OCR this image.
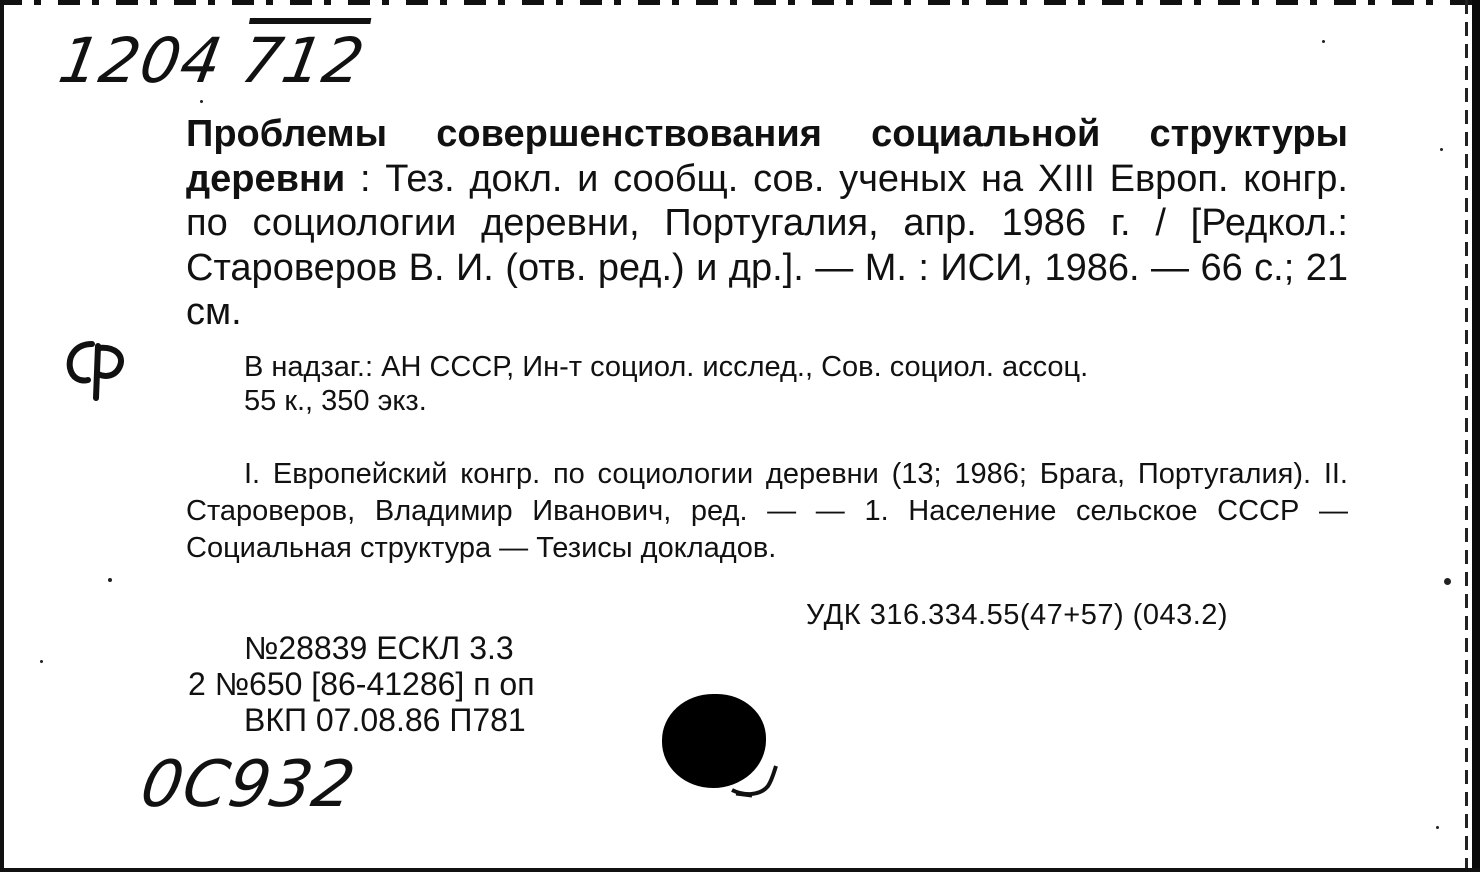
1204 712
Проблемы совершенствования социальной структуры деревни : Тез. докл. и сообщ. сов. ученых на XIII Европ. конгр. по социологии деревни, Португалия, апр. 1986 г. / [Редкол.: Староверов В. И. (отв. ред.) и др.]. — М. : ИСИ, 1986. — 66 с.; 21 см.
В надзаг.: АН СССР, Ин-т социол. исслед., Сов. социол. ассоц.
55 к., 350 экз.
I. Европейский конгр. по социологии деревни (13; 1986; Брага, Португалия). II. Староверов, Владимир Иванович, ред. — — 1. Население сельское СССР — Социальная структура — Тезисы докладов.
УДК 316.334.55(47+57) (043.2)
№28839 ЕСКЛ 3.3
2 №650 [86-41286] п оп
ВКП 07.08.86 П781
0С932
